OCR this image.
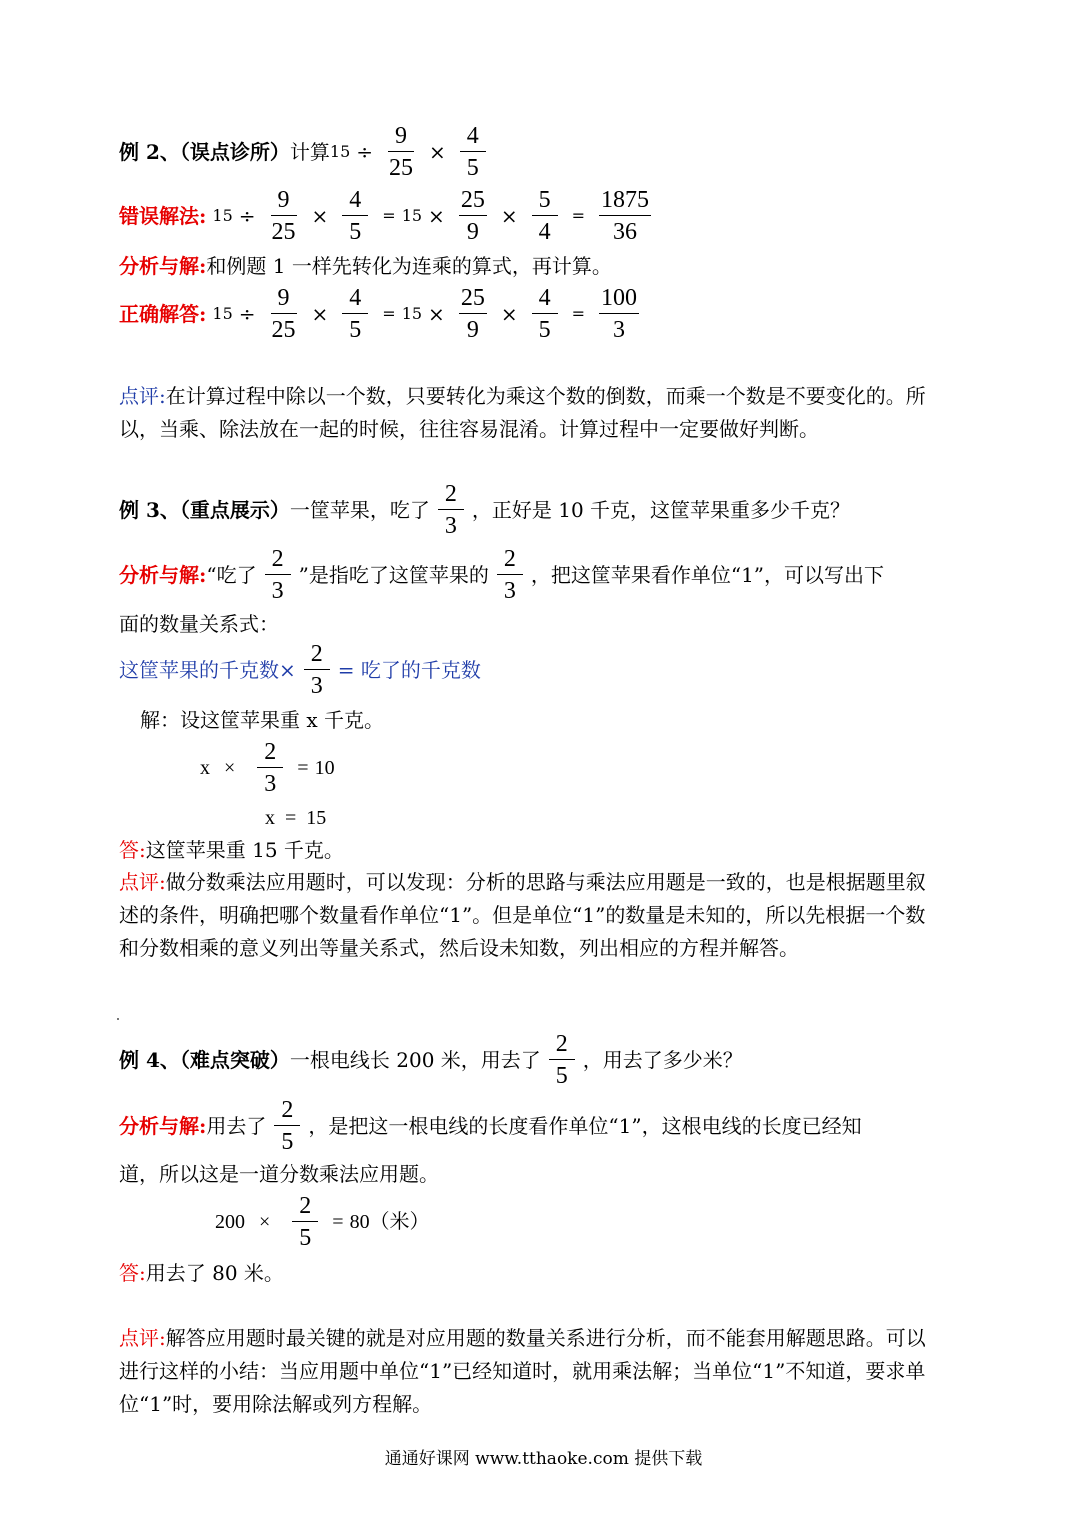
例 2、（误点诊所） 计算 $15 \div \frac{9}{25} \times \frac{4}{5}$
错误解法: $15 \div \frac{9}{25} \times \frac{4}{5} = 15 \times \frac{25}{9} \times \frac{5}{4} = \frac{1875}{36}$
分析与解: 和例题 1 一样先转化为连乘的算式，再计算。
正确解答: $15 \div \frac{9}{25} \times \frac{4}{5} = 15 \times \frac{25}{9} \times \frac{4}{5} = \frac{100}{3}$
点评:在计算过程中除以一个数，只要转化为乘这个数的倒数，而乘一个数是不要变化的。所以，当乘、除法放在一起的时候，往往容易混淆。计算过程中一定要做好判断。
例 3、（重点展示） 一筐苹果，吃了 $\frac{2}{3}$ ，正好是 10 千克，这筐苹果重多少千克？
分析与解: “吃了 $\frac{2}{3}$ ”是指吃了这筐苹果的 $\frac{2}{3}$ ，把这筐苹果看作单位“1”，可以写出下
面的数量关系式：
这筐苹果的千克数× $\frac{2}{3}$ = 吃了的千克数
解：设这筐苹果重 x 千克。
$x \times \frac{2}{3} = 10$
x = 15
答: 这筐苹果重 15 千克。
点评:做分数乘法应用题时，可以发现：分析的思路与乘法应用题是一致的，也是根据题里叙述的条件，明确把哪个数量看作单位“1”。但是单位“1”的数量是未知的，所以先根据一个数和分数相乘的意义列出等量关系式，然后设未知数，列出相应的方程并解答。
例 4、（难点突破） 一根电线长 200 米，用去了 $\frac{2}{5}$ ，用去了多少米？
分析与解: 用去了 $\frac{2}{5}$ ，是把这一根电线的长度看作单位“1”，这根电线的长度已经知
道，所以这是一道分数乘法应用题。
$200 \times \frac{2}{5} = 80$（米）
答: 用去了 80 米。
点评:解答应用题时最关键的就是对应用题的数量关系进行分析，而不能套用解题思路。可以进行这样的小结：当应用题中单位“1”已经知道时，就用乘法解；当单位“1”不知道，要求单位“1”时，要用除法解或列方程解。
通通好课网 www.tthaoke.com 提供下载
